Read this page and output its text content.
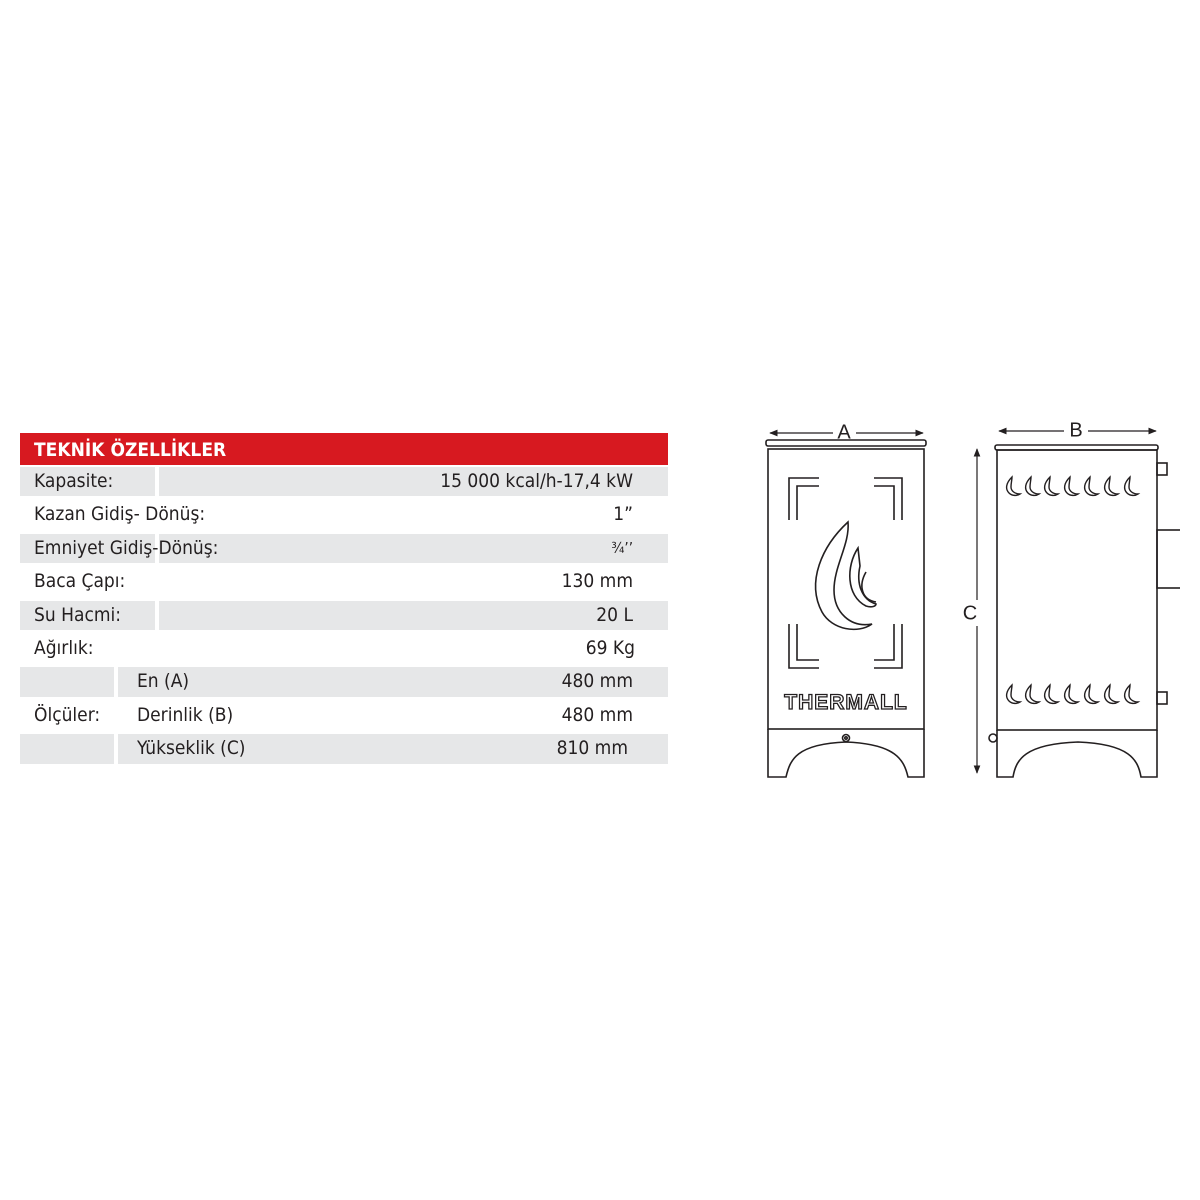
TEKNİK ÖZELLİKLER
Kapasite:	15 000 kcal/h-17,4 kW
Kazan Gidiş- Dönüş:	1”
Emniyet Gidiş-Dönüş:	¾’’
Baca Çapı:	130 mm
Su Hacmi:	20 L
Ağırlık:	69 Kg
En (A)	480 mm
Ölçüler: Derinlik (B)	480 mm
Yükseklik (C)	810 mm
A	B
C
THERMALL
